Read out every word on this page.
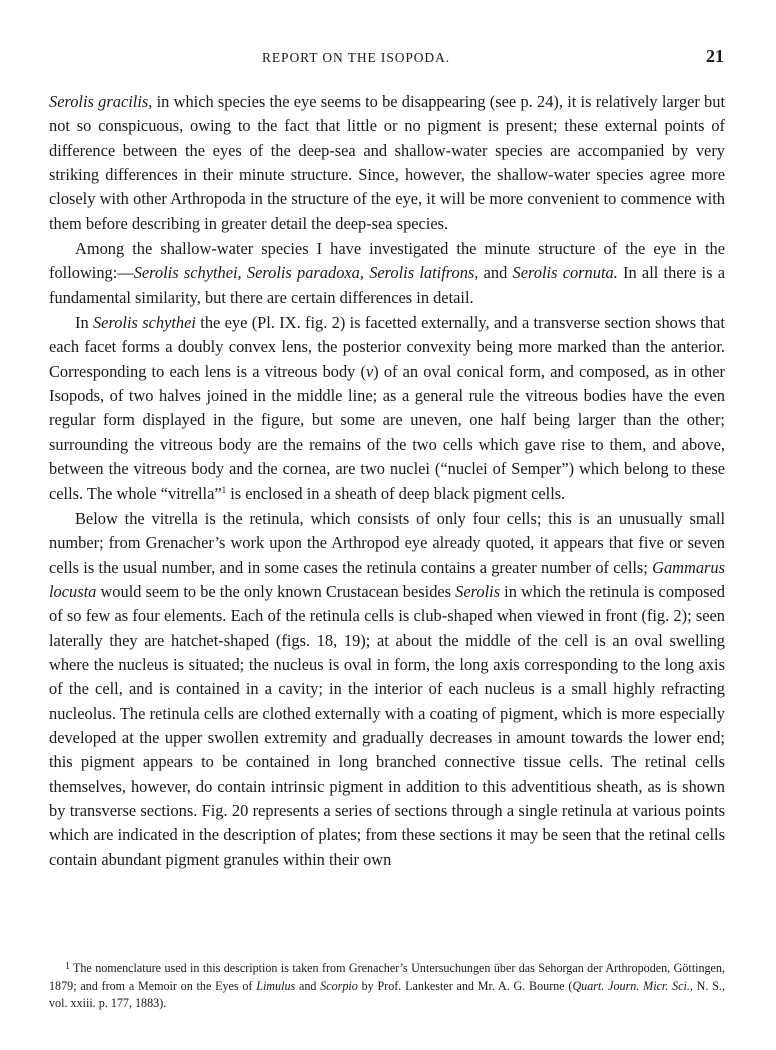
REPORT ON THE ISOPODA.	21

Serolis gracilis, in which species the eye seems to be disappearing (see p. 24), it is relatively larger but not so conspicuous, owing to the fact that little or no pigment is present; these external points of difference between the eyes of the deep-sea and shallow-water species are accompanied by very striking differences in their minute structure. Since, however, the shallow-water species agree more closely with other Arthropoda in the structure of the eye, it will be more convenient to commence with them before describing in greater detail the deep-sea species.

Among the shallow-water species I have investigated the minute structure of the eye in the following:—Serolis schythei, Serolis paradoxa, Serolis latifrons, and Serolis cornuta. In all there is a fundamental similarity, but there are certain differences in detail.

In Serolis schythei the eye (Pl. IX. fig. 2) is facetted externally, and a transverse section shows that each facet forms a doubly convex lens, the posterior convexity being more marked than the anterior. Corresponding to each lens is a vitreous body (v) of an oval conical form, and composed, as in other Isopods, of two halves joined in the middle line; as a general rule the vitreous bodies have the even regular form displayed in the figure, but some are uneven, one half being larger than the other; surrounding the vitreous body are the remains of the two cells which gave rise to them, and above, between the vitreous body and the cornea, are two nuclei (“nuclei of Semper”) which belong to these cells. The whole “vitrella”$^1$ is enclosed in a sheath of deep black pigment cells.

Below the vitrella is the retinula, which consists of only four cells; this is an unusually small number; from Grenacher’s work upon the Arthropod eye already quoted, it appears that five or seven cells is the usual number, and in some cases the retinula contains a greater number of cells; Gammarus locusta would seem to be the only known Crustacean besides Serolis in which the retinula is composed of so few as four elements. Each of the retinula cells is club-shaped when viewed in front (fig. 2); seen laterally they are hatchet-shaped (figs. 18, 19); at about the middle of the cell is an oval swelling where the nucleus is situated; the nucleus is oval in form, the long axis corresponding to the long axis of the cell, and is contained in a cavity; in the interior of each nucleus is a small highly refracting nucleolus. The retinula cells are clothed externally with a coating of pigment, which is more especially developed at the upper swollen extremity and gradually decreases in amount towards the lower end; this pigment appears to be contained in long branched connective tissue cells. The retinal cells themselves, however, do contain intrinsic pigment in addition to this adventitious sheath, as is shown by transverse sections. Fig. 20 represents a series of sections through a single retinula at various points which are indicated in the description of plates; from these sections it may be seen that the retinal cells contain abundant pigment granules within their own

$^1$ The nomenclature used in this description is taken from Grenacher’s Untersuchungen über das Sehorgan der Arthropoden, Göttingen, 1879; and from a Memoir on the Eyes of Limulus and Scorpio by Prof. Lankester and Mr. A. G. Bourne (Quart. Journ. Micr. Sci., N. S., vol. xxiii. p. 177, 1883).
